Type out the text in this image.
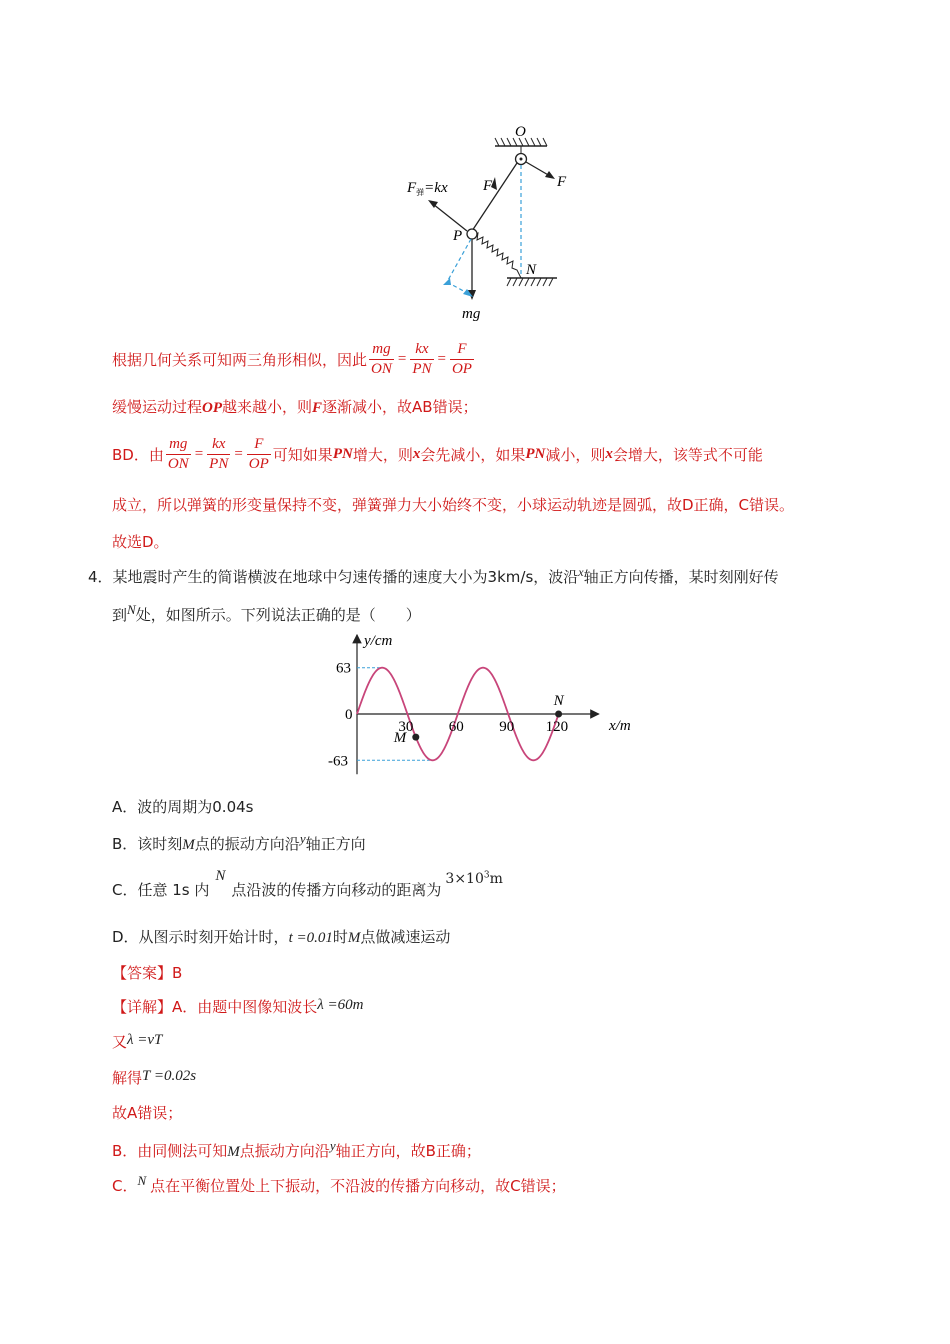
O
F
F
N
P
$F_弹=kx$
mg
根据几何关系可知两三角形相似，因此 $\frac{mg}{ON} = \frac{kx}{PN} = \frac{F}{OP}$
缓慢运动过程OP越来越小，则F逐渐减小，故AB错误；
BD．由 $\frac{mg}{ON} = \frac{kx}{PN} = \frac{F}{OP}$ 可知如果 PN 增大，则 x 会先减小，如果 PN 减小，则 x 会增大，该等式不可能
成立，所以弹簧的形变量保持不变，弹簧弹力大小始终不变，小球运动轨迹是圆弧，故D正确，C错误。
故选D。
4．某地震时产生的简谐横波在地球中匀速传播的速度大小为3km/s，波沿$^x$轴正方向传播，某时刻刚好传
到$^N$处，如图所示。下列说法正确的是（　　）
30 60 90 120
63
0
-63
M
N
y/cm
x/m
A．波的周期为0.04s
B．该时刻M点的振动方向沿$^y$轴正方向
C．任意 1s 内N点沿波的传播方向移动的距离为$3\times 10^3m$
D．从图示时刻开始计时，t =0.01时M点做减速运动
【答案】B
【详解】A．由题中图像知波长λ =60m
又λ =vT
解得T =0.02s
故A错误；
B．由同侧法可知M点振动方向沿$^y$轴正方向，故B正确；
C．$^N$ 点在平衡位置处上下振动，不沿波的传播方向移动，故C错误；
